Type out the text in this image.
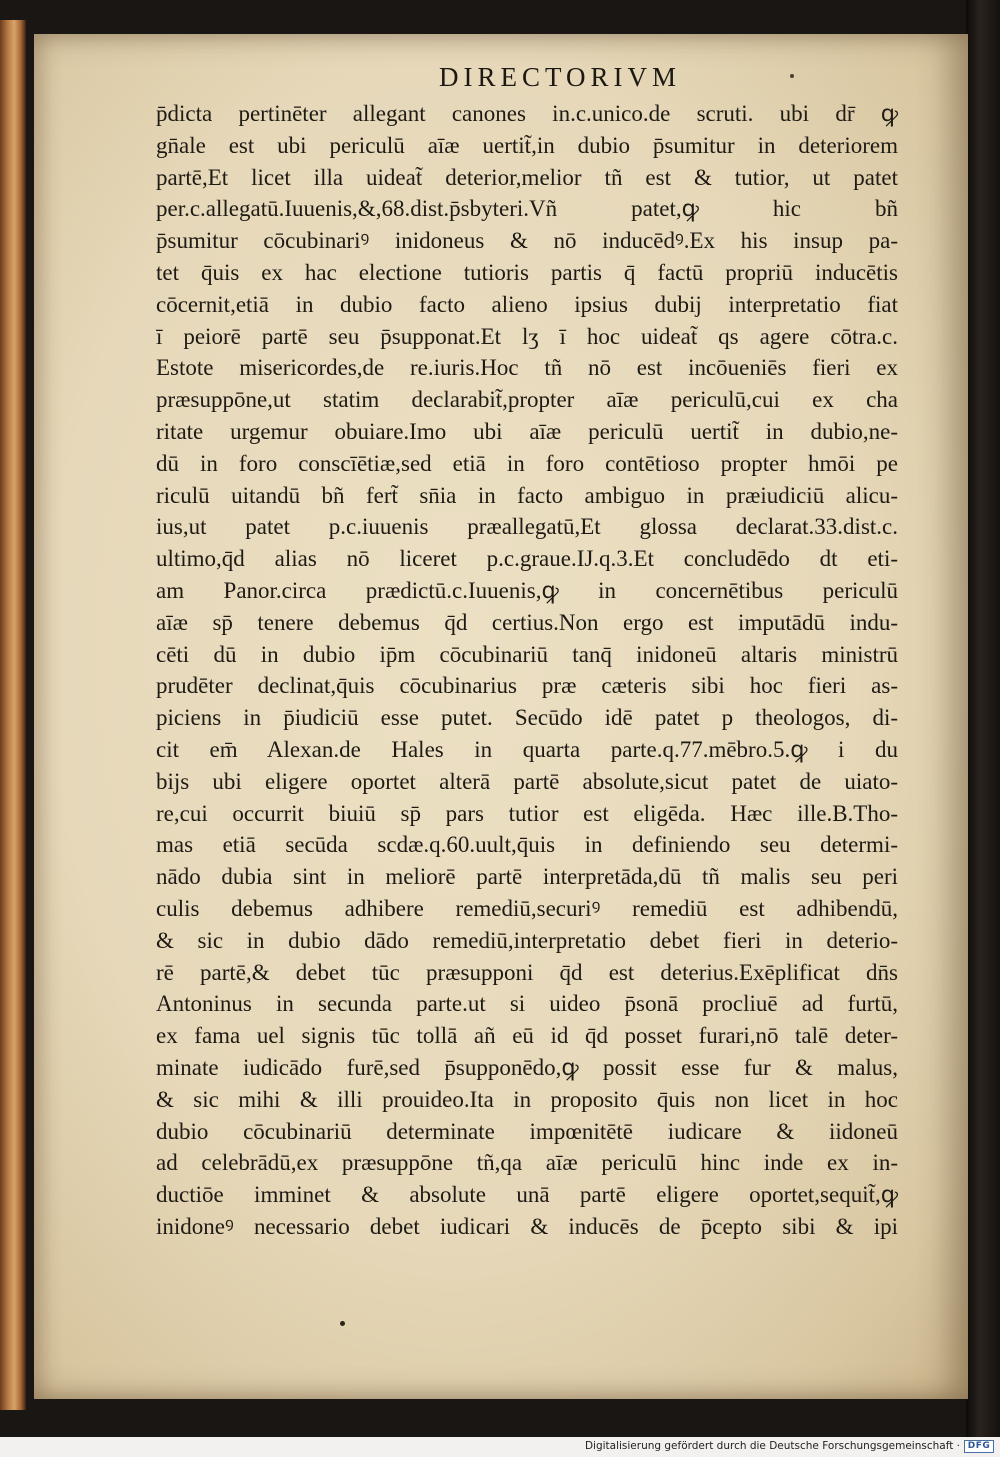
DIRECTORIVM
p̄dicta pertinēter allegant canones in.c.unico.de scruti. ubi dr̄ ꝙ
gn̄ale est ubi periculū aīæ uertit̃,in dubio p̄sumitur in deteriorem
partē,Et licet illa uideat̃ deterior,melior tñ est & tutior, ut patet
per.c.allegatū.Iuuenis,&,68.dist.p̄sbyteri.Vñ patet,ꝙ hic bñ
p̄sumitur cōcubinariꝰ inidoneus & nō inducēdꝰ.Ex his insup pa-
tet q̄uis ex hac electione tutioris partis q̄ factū propriū inducētis
cōcernit,etiā in dubio facto alieno ipsius dubij interpretatio fiat
ī peiorē partē seu p̄supponat.Et lʒ ī hoc uideat̃ qs agere cōtra.c.
Estote misericordes,de re.iuris.Hoc tñ nō est incōueniēs fieri ex
præsuppōne,ut statim declarabit̃,propter aīæ periculū,cui ex cha
ritate urgemur obuiare.Imo ubi aīæ periculū uertit̃ in dubio,ne-
dū in foro conscīētiæ,sed etiā in foro contētioso propter hmōi pe
riculū uitandū bñ fert̃ sn̄ia in facto ambiguo in præiudiciū alicu-
ius,ut patet p.c.iuuenis præallegatū,Et glossa declarat.33.dist.c.
ultimo,q̄d alias nō liceret p.c.graue.IJ.q.3.Et concludēdo dt eti-
am Panor.circa prædictū.c.Iuuenis,ꝙ in concernētibus periculū
aīæ sp̄ tenere debemus q̄d certius.Non ergo est imputādū indu-
cēti dū in dubio ip̄m cōcubinariū tanq̄ inidoneū altaris ministrū
prudēter declinat,q̄uis cōcubinarius præ cæteris sibi hoc fieri as-
piciens in p̄iudiciū esse putet. Secūdo idē patet p theologos, di-
cit em̄ Alexan.de Hales in quarta parte.q.77.mēbro.5.ꝙ i du
bijs ubi eligere oportet alterā partē absolute,sicut patet de uiato-
re,cui occurrit biuiū sp̄ pars tutior est eligēda. Hæc ille.B.Tho-
mas etiā secūda scdæ.q.60.uult,q̄uis in definiendo seu determi-
nādo dubia sint in meliorē partē interpretāda,dū tñ malis seu peri
culis debemus adhibere remediū,securiꝰ remediū est adhibendū,
& sic in dubio dādo remediū,interpretatio debet fieri in deterio-
rē partē,& debet tūc præsupponi q̄d est deterius.Exēplificat dn̄s
Antoninus in secunda parte.ut si uideo p̄sonā procliuē ad furtū,
ex fama uel signis tūc tollā añ eū id q̄d posset furari,nō talē deter-
minate iudicādo furē,sed p̄supponēdo,ꝙ possit esse fur & malus,
& sic mihi & illi prouideo.Ita in proposito q̄uis non licet in hoc
dubio cōcubinariū determinate impœnitētē iudicare & iidoneū
ad celebrādū,ex præsuppōne tñ,qa aīæ periculū hinc inde ex in-
ductiōe imminet & absolute unā partē eligere oportet,sequit̃,ꝙ
inidoneꝰ necessario debet iudicari & inducēs de p̄cepto sibi & ipi
Digitalisierung gefördert durch die Deutsche Forschungsgemeinschaft · DFG
